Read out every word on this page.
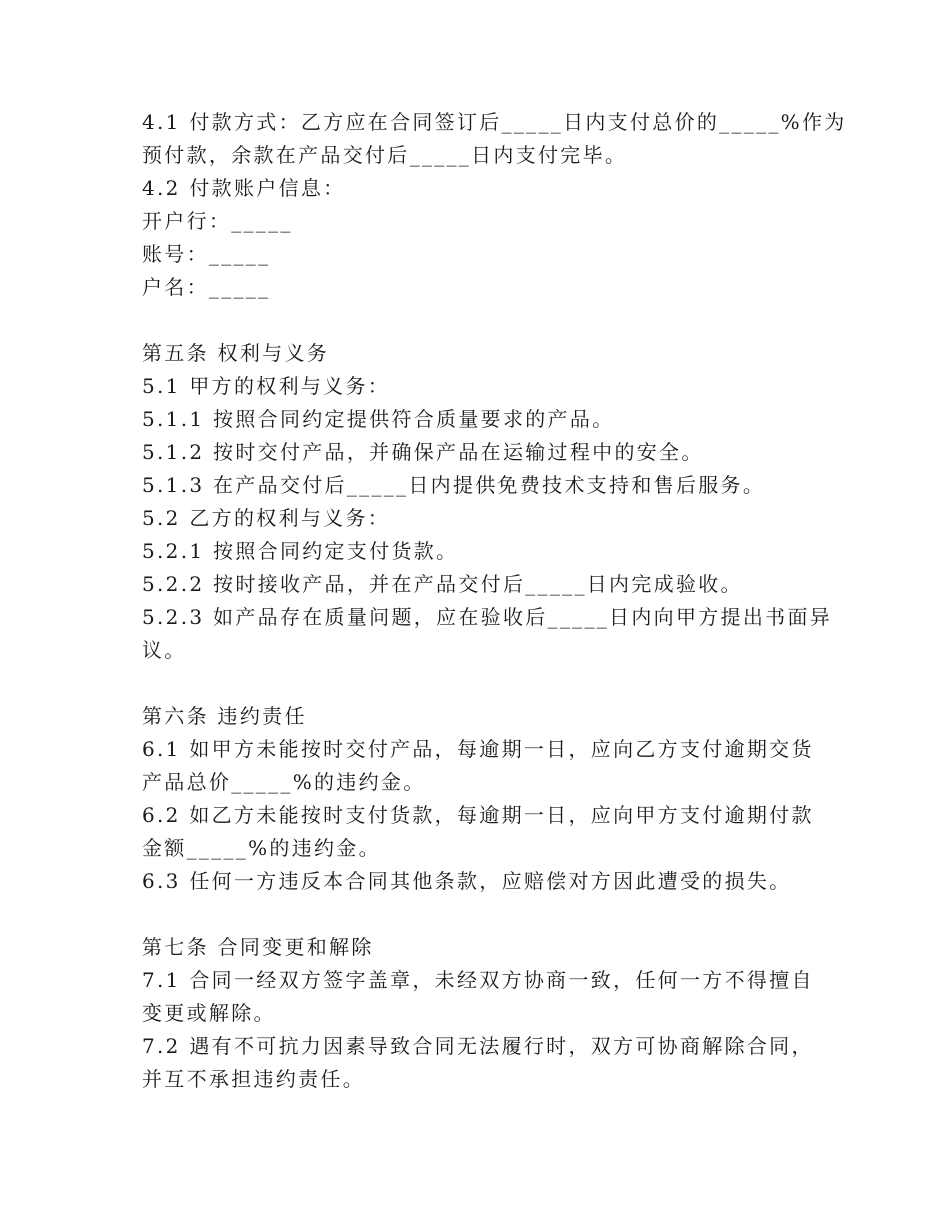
4.1 付款方式：乙方应在合同签订后_____日内支付总价的_____%作为
预付款，余款在产品交付后_____日内支付完毕。
4.2 付款账户信息：
开户行：_____
账号：_____
户名：_____
第五条 权利与义务
5.1 甲方的权利与义务：
5.1.1 按照合同约定提供符合质量要求的产品。
5.1.2 按时交付产品，并确保产品在运输过程中的安全。
5.1.3 在产品交付后_____日内提供免费技术支持和售后服务。
5.2 乙方的权利与义务：
5.2.1 按照合同约定支付货款。
5.2.2 按时接收产品，并在产品交付后_____日内完成验收。
5.2.3 如产品存在质量问题，应在验收后_____日内向甲方提出书面异
议。
第六条 违约责任
6.1 如甲方未能按时交付产品，每逾期一日，应向乙方支付逾期交货
产品总价_____%的违约金。
6.2 如乙方未能按时支付货款，每逾期一日，应向甲方支付逾期付款
金额_____%的违约金。
6.3 任何一方违反本合同其他条款，应赔偿对方因此遭受的损失。
第七条 合同变更和解除
7.1 合同一经双方签字盖章，未经双方协商一致，任何一方不得擅自
变更或解除。
7.2 遇有不可抗力因素导致合同无法履行时，双方可协商解除合同，
并互不承担违约责任。
